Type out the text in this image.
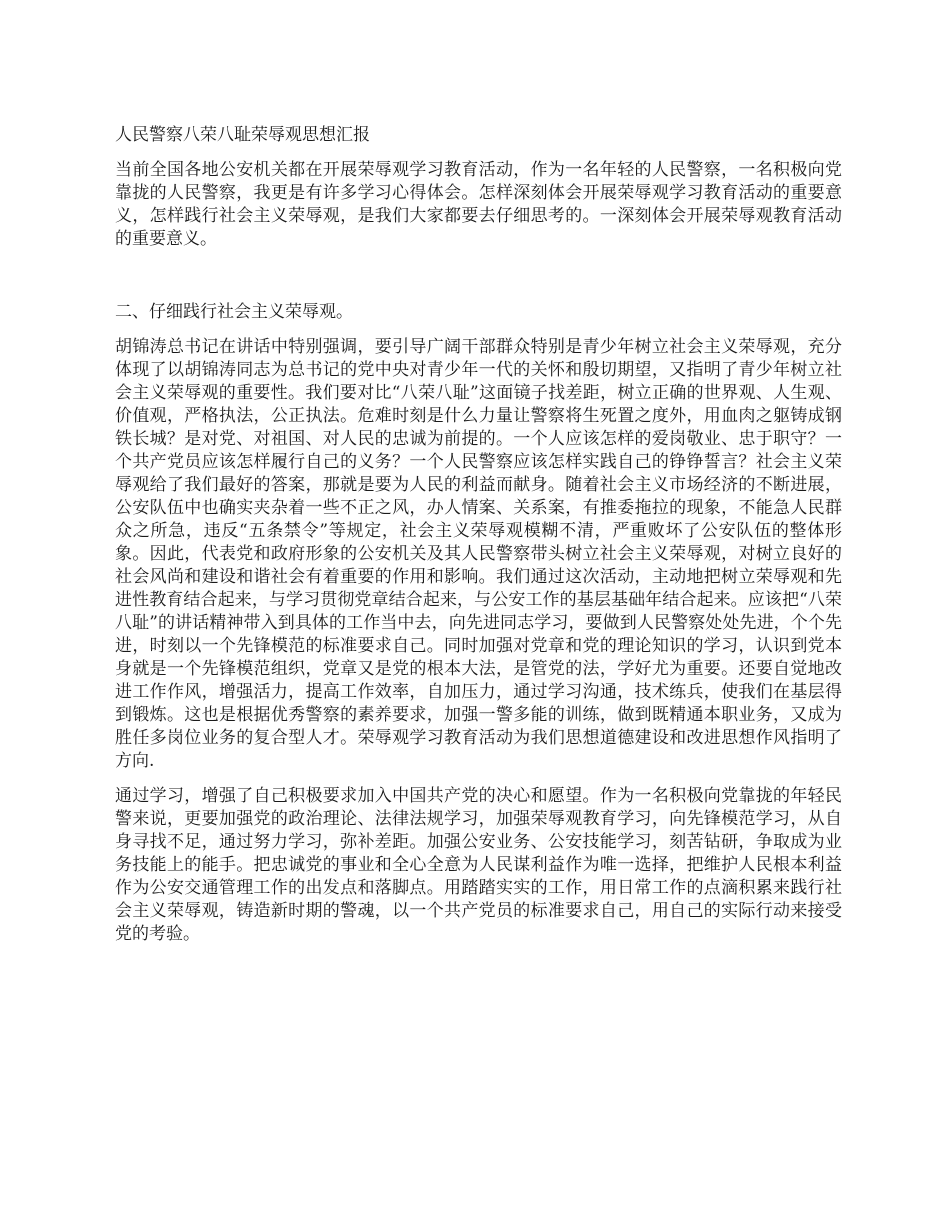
人民警察八荣八耻荣辱观思想汇报
当前全国各地公安机关都在开展荣辱观学习教育活动，作为一名年轻的人民警察，一名积极向党靠拢的人民警察，我更是有许多学习心得体会。怎样深刻体会开展荣辱观学习教育活动的重要意义，怎样践行社会主义荣辱观，是我们大家都要去仔细思考的。一深刻体会开展荣辱观教育活动的重要意义。
二、仔细践行社会主义荣辱观。
胡锦涛总书记在讲话中特别强调，要引导广阔干部群众特别是青少年树立社会主义荣辱观，充分体现了以胡锦涛同志为总书记的党中央对青少年一代的关怀和殷切期望，又指明了青少年树立社会主义荣辱观的重要性。我们要对比“八荣八耻”这面镜子找差距，树立正确的世界观、人生观、价值观，严格执法，公正执法。危难时刻是什么力量让警察将生死置之度外，用血肉之躯铸成钢铁长城？是对党、对祖国、对人民的忠诚为前提的。一个人应该怎样的爱岗敬业、忠于职守？一个共产党员应该怎样履行自己的义务？一个人民警察应该怎样实践自己的铮铮誓言？社会主义荣辱观给了我们最好的答案，那就是要为人民的利益而献身。随着社会主义市场经济的不断进展，公安队伍中也确实夹杂着一些不正之风，办人情案、关系案，有推委拖拉的现象，不能急人民群众之所急，违反“五条禁令”等规定，社会主义荣辱观模糊不清，严重败坏了公安队伍的整体形象。因此，代表党和政府形象的公安机关及其人民警察带头树立社会主义荣辱观，对树立良好的社会风尚和建设和谐社会有着重要的作用和影响。我们通过这次活动，主动地把树立荣辱观和先进性教育结合起来，与学习贯彻党章结合起来，与公安工作的基层基础年结合起来。应该把“八荣八耻”的讲话精神带入到具体的工作当中去，向先进同志学习，要做到人民警察处处先进，个个先进，时刻以一个先锋模范的标准要求自己。同时加强对党章和党的理论知识的学习，认识到党本身就是一个先锋模范组织，党章又是党的根本大法，是管党的法，学好尤为重要。还要自觉地改进工作作风，增强活力，提高工作效率，自加压力，通过学习沟通，技术练兵，使我们在基层得到锻炼。这也是根据优秀警察的素养要求，加强一警多能的训练，做到既精通本职业务，又成为胜任多岗位业务的复合型人才。荣辱观学习教育活动为我们思想道德建设和改进思想作风指明了方向.
通过学习，增强了自己积极要求加入中国共产党的决心和愿望。作为一名积极向党靠拢的年轻民警来说，更要加强党的政治理论、法律法规学习，加强荣辱观教育学习，向先锋模范学习，从自身寻找不足，通过努力学习，弥补差距。加强公安业务、公安技能学习，刻苦钻研，争取成为业务技能上的能手。把忠诚党的事业和全心全意为人民谋利益作为唯一选择，把维护人民根本利益作为公安交通管理工作的出发点和落脚点。用踏踏实实的工作，用日常工作的点滴积累来践行社会主义荣辱观，铸造新时期的警魂，以一个共产党员的标准要求自己，用自己的实际行动来接受党的考验。
